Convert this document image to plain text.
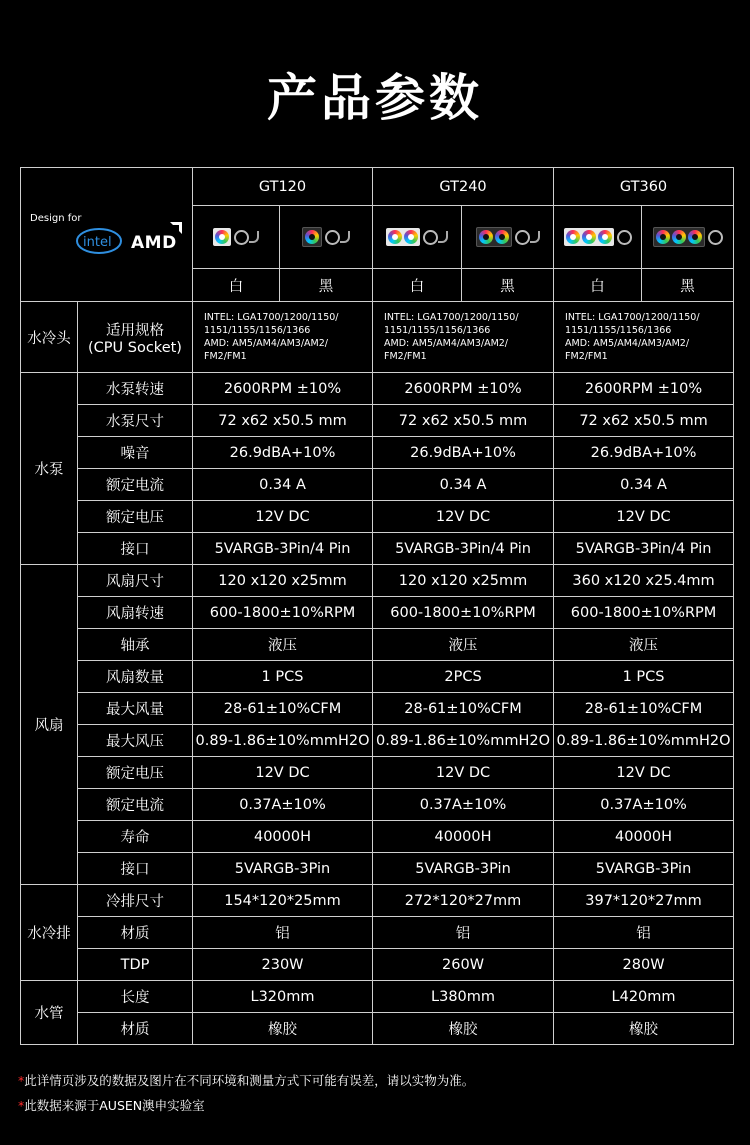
产品参数
Design for
intel AMD		GT120		GT240		GT360	

		白	黑	白	黑	白	黑
水冷头	适用规格
(CPU Socket)	INTEL: LGA1700/1200/1150/
1151/1155/1156/1366
AMD: AM5/AM4/AM3/AM2/
FM2/FM1		INTEL: LGA1700/1200/1150/
1151/1155/1156/1366
AMD: AM5/AM4/AM3/AM2/
FM2/FM1		INTEL: LGA1700/1200/1150/
1151/1155/1156/1366
AMD: AM5/AM4/AM3/AM2/
FM2/FM1	

水泵	水泵转速	2600RPM ±10%		2600RPM ±10%		2600RPM ±10%	
	水泵尺寸	72 x62 x50.5 mm		72 x62 x50.5 mm		72 x62 x50.5 mm	
	噪音	26.9dBA+10%		26.9dBA+10%		26.9dBA+10%	
	额定电流	0.34 A		0.34 A		0.34 A	
	额定电压	12V DC		12V DC		12V DC	
	接口	5VARGB-3Pin/4 Pin		5VARGB-3Pin/4 Pin		5VARGB-3Pin/4 Pin	
风扇	风扇尺寸	120 x120 x25mm		120 x120 x25mm		360 x120 x25.4mm	
	风扇转速	600-1800±10%RPM		600-1800±10%RPM		600-1800±10%RPM	
	轴承	液压		液压		液压	
	风扇数量	1 PCS		2PCS		1 PCS	
	最大风量	28-61±10%CFM		28-61±10%CFM		28-61±10%CFM	
	最大风压	0.89-1.86±10%mmH2O		0.89-1.86±10%mmH2O		0.89-1.86±10%mmH2O	
	额定电压	12V DC		12V DC		12V DC	
	额定电流	0.37A±10%		0.37A±10%		0.37A±10%	
	寿命	40000H		40000H		40000H	
	接口	5VARGB-3Pin		5VARGB-3Pin		5VARGB-3Pin	
水冷排	冷排尺寸	154*120*25mm		272*120*27mm		397*120*27mm	
	材质	铝		铝		铝	
	TDP	230W		260W		280W	
水管	长度	L320mm		L380mm		L420mm	
	材质	橡胶		橡胶		橡胶	
*此详情页涉及的数据及图片在不同环境和测量方式下可能有误差，请以实物为准。
*此数据来源于AUSEN澳申实验室
